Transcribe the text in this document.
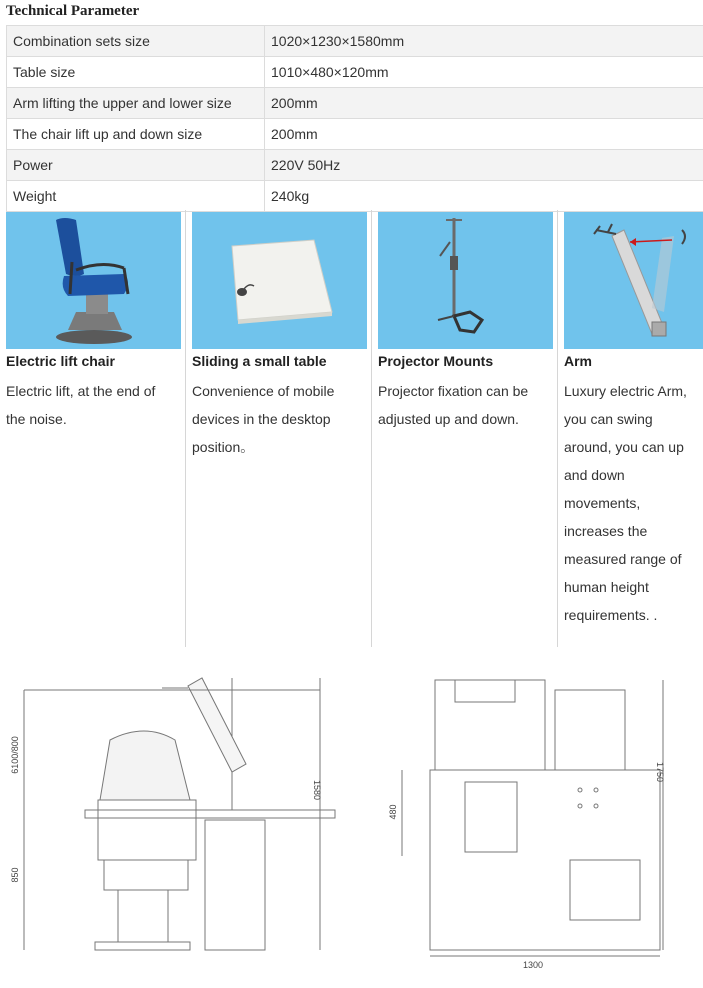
Technical Parameter
Combination sets size	1020×1230×1580mm
Table size	1010×480×120mm
Arm lifting the upper and lower size	200mm
The chair lift up and down size	200mm
Power	220V 50Hz
Weight	240kg
Electric lift chair
Electric lift, at the end of
the noise.
Sliding a small table
Convenience of mobile
devices in the desktop
position。
Projector Mounts
Projector fixation can be
adjusted up and down.
Arm
Luxury electric Arm,
you can swing
around, you can up
and down
movements,
increases the
measured range of
human height
requirements. .
6100/800
850
1580
480
1750
1300
